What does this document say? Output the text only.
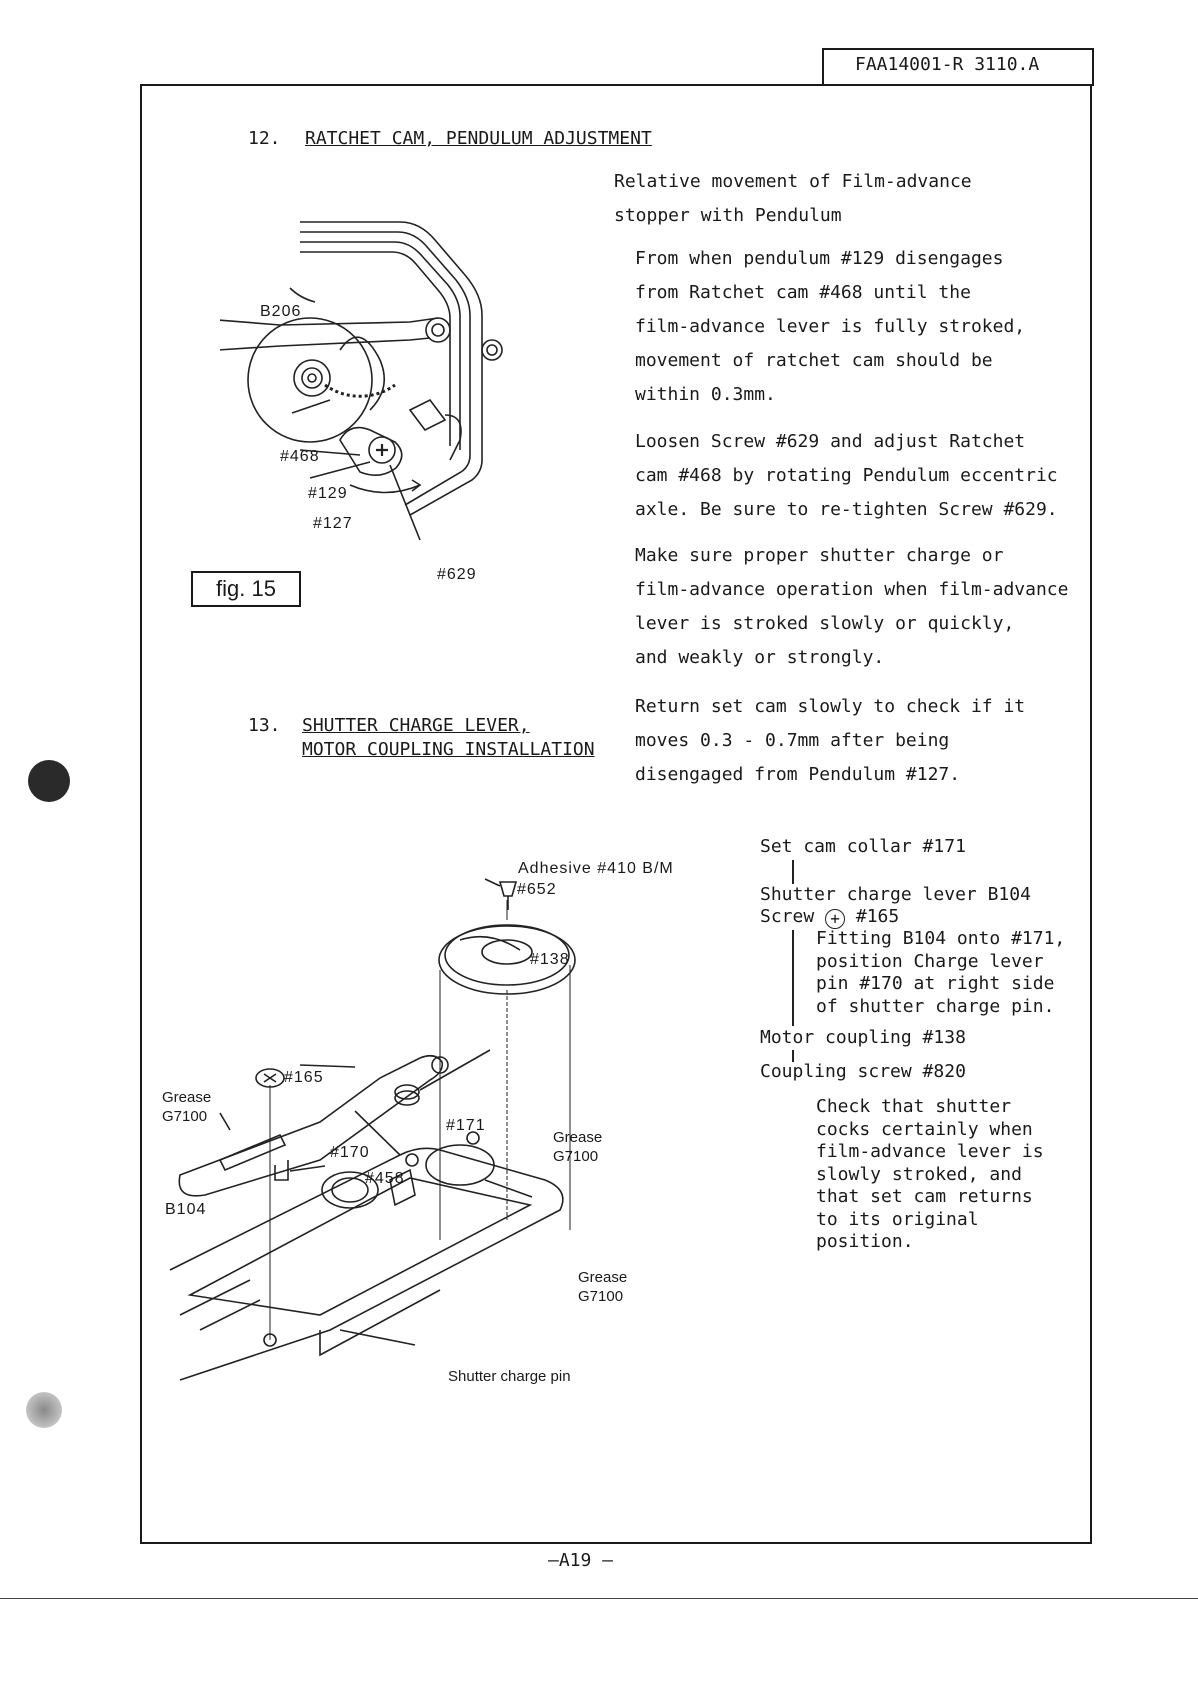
FAA14001-R 3110.A
12. RATCHET CAM, PENDULUM ADJUSTMENT
Relative movement of Film-advance
stopper with Pendulum
From when pendulum #129 disengages
from Ratchet cam #468 until the
film-advance lever is fully stroked,
movement of ratchet cam should be
within 0.3mm.
Loosen Screw #629 and adjust Ratchet
cam #468 by rotating Pendulum eccentric
axle. Be sure to re-tighten Screw #629.
Make sure proper shutter charge or
film-advance operation when film-advance
lever is stroked slowly or quickly,
and weakly or strongly.
Return set cam slowly to check if it
moves 0.3 - 0.7mm after being
disengaged from Pendulum #127.
B206
#468
#129
#127
#629
fig. 15
13. SHUTTER CHARGE LEVER,
MOTOR COUPLING INSTALLATION
Set cam collar #171
Shutter charge lever B104
Screw + #165
Fitting B104 onto #171,
position Charge lever
pin #170 at right side
of shutter charge pin.
Motor coupling #138
Coupling screw #820
Check that shutter
cocks certainly when
film-advance lever is
slowly stroked, and
that set cam returns
to its original
position.
Adhesive #410 B/M
#652
#138
#165
Grease
G7100
#171
Grease
G7100
#170
#458
B104
Grease
G7100
Shutter charge pin
—A19 —
